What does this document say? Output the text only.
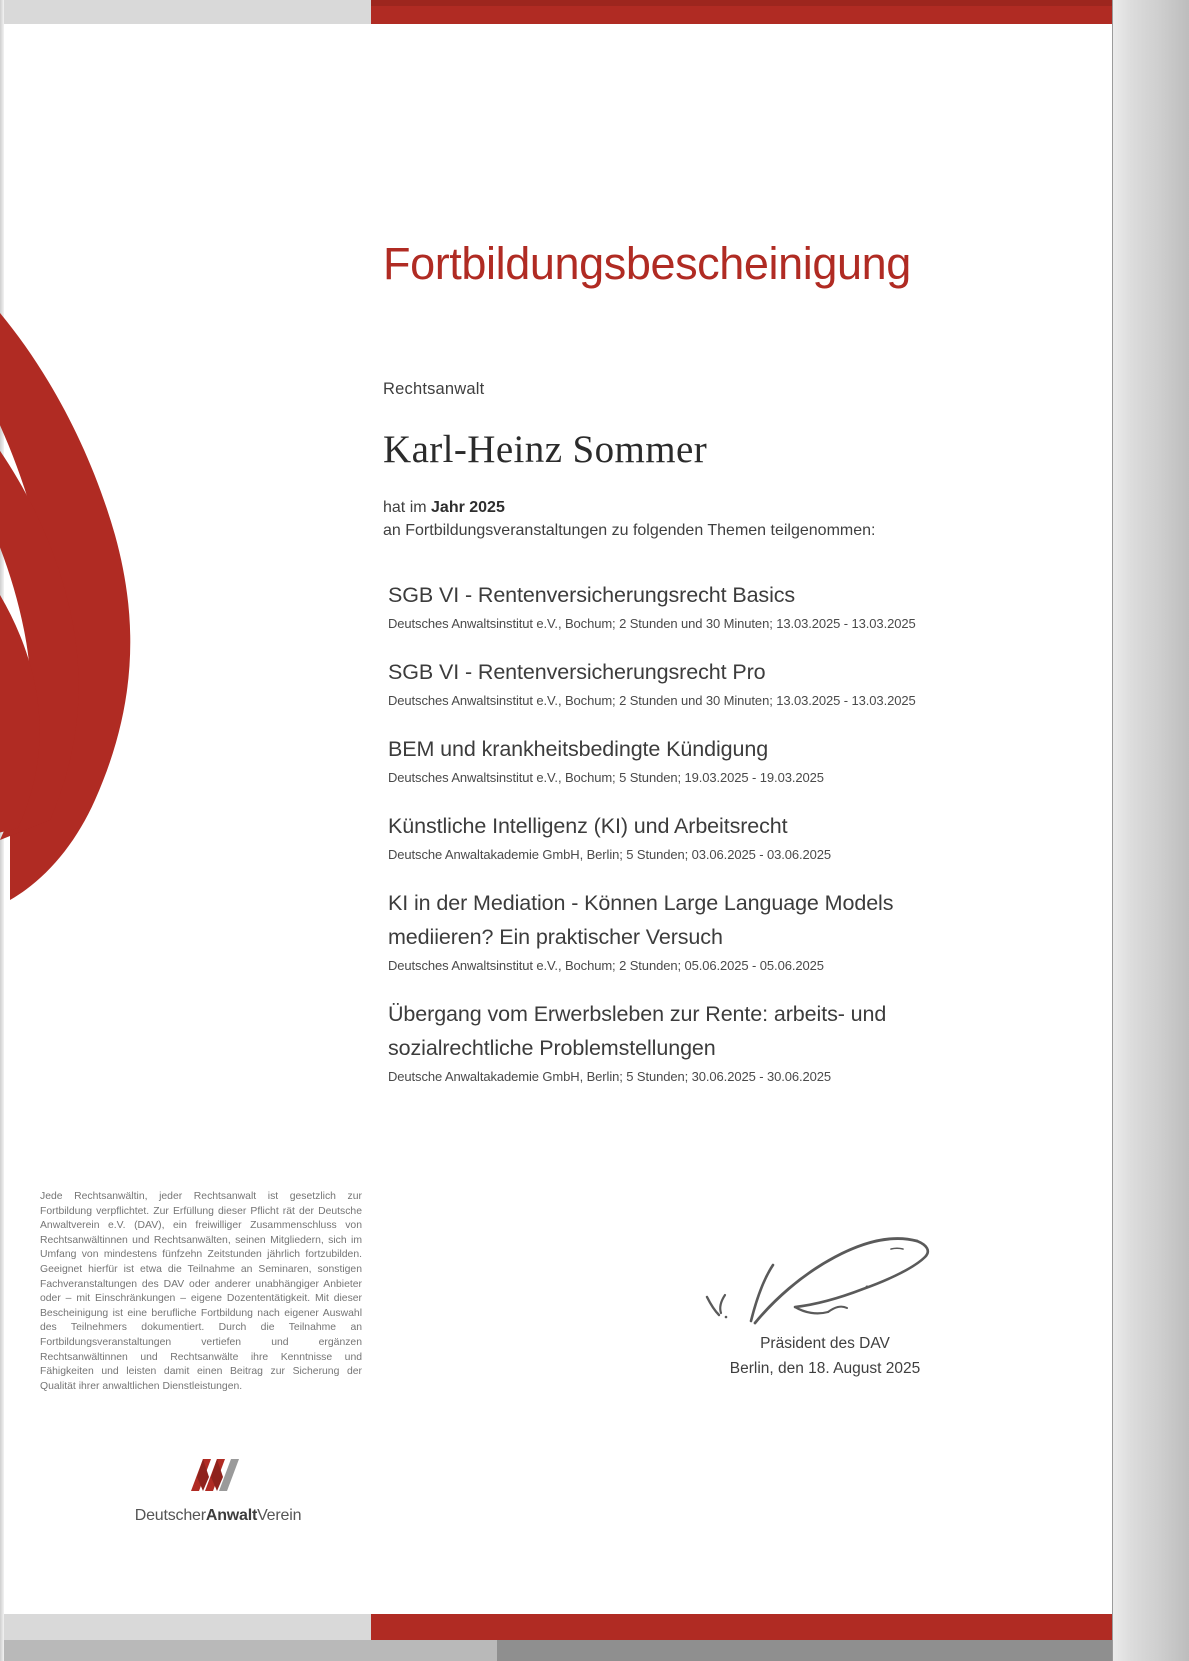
Fortbildungsbescheinigung
Rechtsanwalt
Karl-Heinz Sommer
hat im Jahr 2025
an Fortbildungsveranstaltungen zu folgenden Themen teilgenommen:
SGB VI - Rentenversicherungsrecht Basics
Deutsches Anwaltsinstitut e.V., Bochum; 2 Stunden und 30 Minuten; 13.03.2025 - 13.03.2025
SGB VI - Rentenversicherungsrecht Pro
Deutsches Anwaltsinstitut e.V., Bochum; 2 Stunden und 30 Minuten; 13.03.2025 - 13.03.2025
BEM und krankheitsbedingte Kündigung
Deutsches Anwaltsinstitut e.V., Bochum; 5 Stunden; 19.03.2025 - 19.03.2025
Künstliche Intelligenz (KI) und Arbeitsrecht
Deutsche Anwaltakademie GmbH, Berlin; 5 Stunden; 03.06.2025 - 03.06.2025
KI in der Mediation - Können Large Language Models mediieren? Ein praktischer Versuch
Deutsches Anwaltsinstitut e.V., Bochum; 2 Stunden; 05.06.2025 - 05.06.2025
Übergang vom Erwerbsleben zur Rente: arbeits- und sozialrechtliche Problemstellungen
Deutsche Anwaltakademie GmbH, Berlin; 5 Stunden; 30.06.2025 - 30.06.2025
Jede Rechtsanwältin, jeder Rechtsanwalt ist gesetzlich zur Fortbildung verpflichtet. Zur Erfüllung dieser Pflicht rät der Deutsche Anwaltverein e.V. (DAV), ein freiwilliger Zusammenschluss von Rechtsanwältinnen und Rechtsanwälten, seinen Mitgliedern, sich im Umfang von mindestens fünfzehn Zeitstunden jährlich fortzubilden. Geeignet hierfür ist etwa die Teilnahme an Seminaren, sonstigen Fachveranstaltungen des DAV oder anderer unabhängiger Anbieter oder – mit Einschränkungen – eigene Dozententätigkeit. Mit dieser Bescheinigung ist eine berufliche Fortbildung nach eigener Auswahl des Teilnehmers dokumentiert. Durch die Teilnahme an Fortbildungsveranstaltungen vertiefen und ergänzen Rechtsanwältinnen und Rechtsanwälte ihre Kenntnisse und Fähigkeiten und leisten damit einen Beitrag zur Sicherung der Qualität ihrer anwaltlichen Dienstleistungen.
Präsident des DAV
Berlin, den 18. August 2025
DeutscherAnwaltVerein
